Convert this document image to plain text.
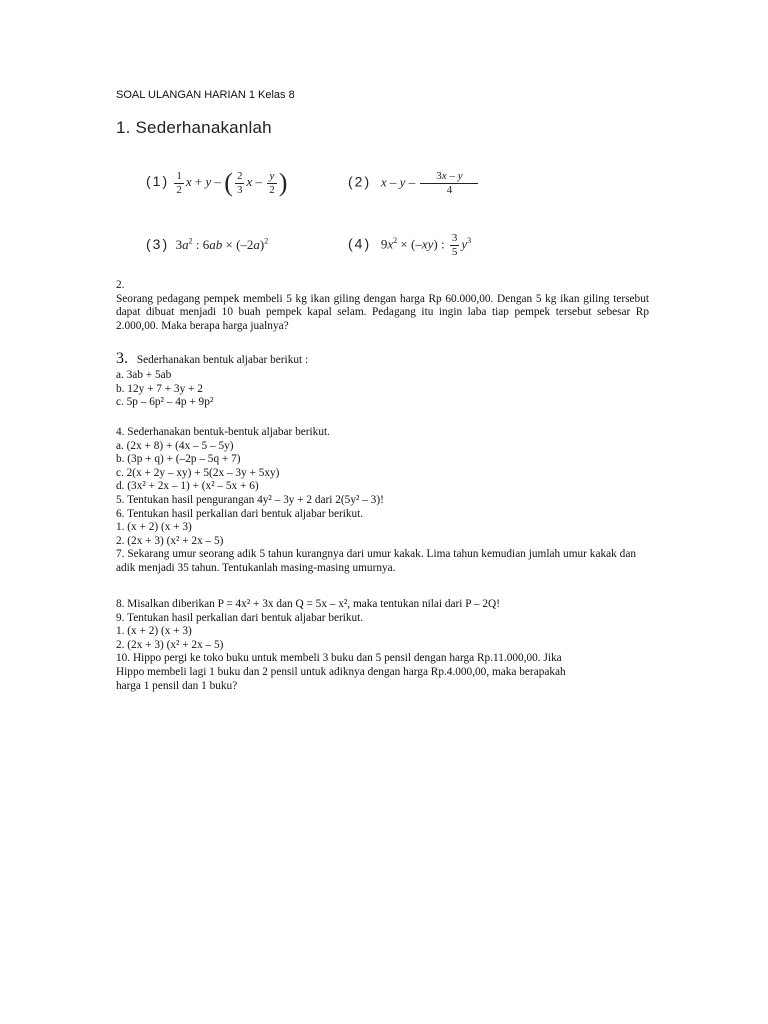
SOAL ULANGAN HARIAN 1 Kelas 8
1. Sederhanakanlah
$(1) \frac{1}{2}$ x + y – ( $\frac{2}{3}$ x – $\frac{y}{2}$ )	(2) x – y – $\frac{3x - y}{4}$
(3)  $3a^2$ : $6ab \times (-2a)^2$	(4)   $9x^2 \times (-xy)$ : $\frac{3}{5} y^3$
2.
Seorang pedagang pempek membeli 5 kg ikan giling dengan harga Rp 60.000,00. Dengan 5 kg ikan giling tersebut dapat dibuat menjadi 10 buah pempek kapal selam. Pedagang itu ingin laba tiap pempek tersebut sebesar Rp 2.000,00. Maka berapa harga jualnya?
3. Sederhanakan bentuk aljabar berikut :
a. 3ab + 5ab
b. 12y + 7 + 3y + 2
c. 5p – 6p² – 4p + 9p²
4. Sederhanakan bentuk-bentuk aljabar berikut.
a. (2x + 8) + (4x – 5 – 5y)
b. (3p + q) + (–2p – 5q + 7)
c. 2(x + 2y – xy) + 5(2x – 3y + 5xy)
d. (3x² + 2x – 1) + (x² – 5x + 6)
5. Tentukan hasil pengurangan 4y² – 3y + 2 dari 2(5y² – 3)!
6. Tentukan hasil perkalian dari bentuk aljabar berikut.
1. (x + 2) (x + 3)
2. (2x + 3) (x² + 2x – 5)
7. Sekarang umur seorang adik 5 tahun kurangnya dari umur kakak. Lima tahun kemudian jumlah umur kakak dan adik menjadi 35 tahun. Tentukanlah masing-masing umurnya.
8. Misalkan diberikan P = 4x² + 3x dan Q = 5x – x², maka tentukan nilai dari P – 2Q!
9. Tentukan hasil perkalian dari bentuk aljabar berikut.
1. (x + 2) (x + 3)
2. (2x + 3) (x² + 2x – 5)
10. Hippo pergi ke toko buku untuk membeli 3 buku dan 5 pensil dengan harga Rp.11.000,00. Jika
Hippo membeli lagi 1 buku dan 2 pensil untuk adiknya dengan harga Rp.4.000,00, maka berapakah
harga 1 pensil dan 1 buku?
